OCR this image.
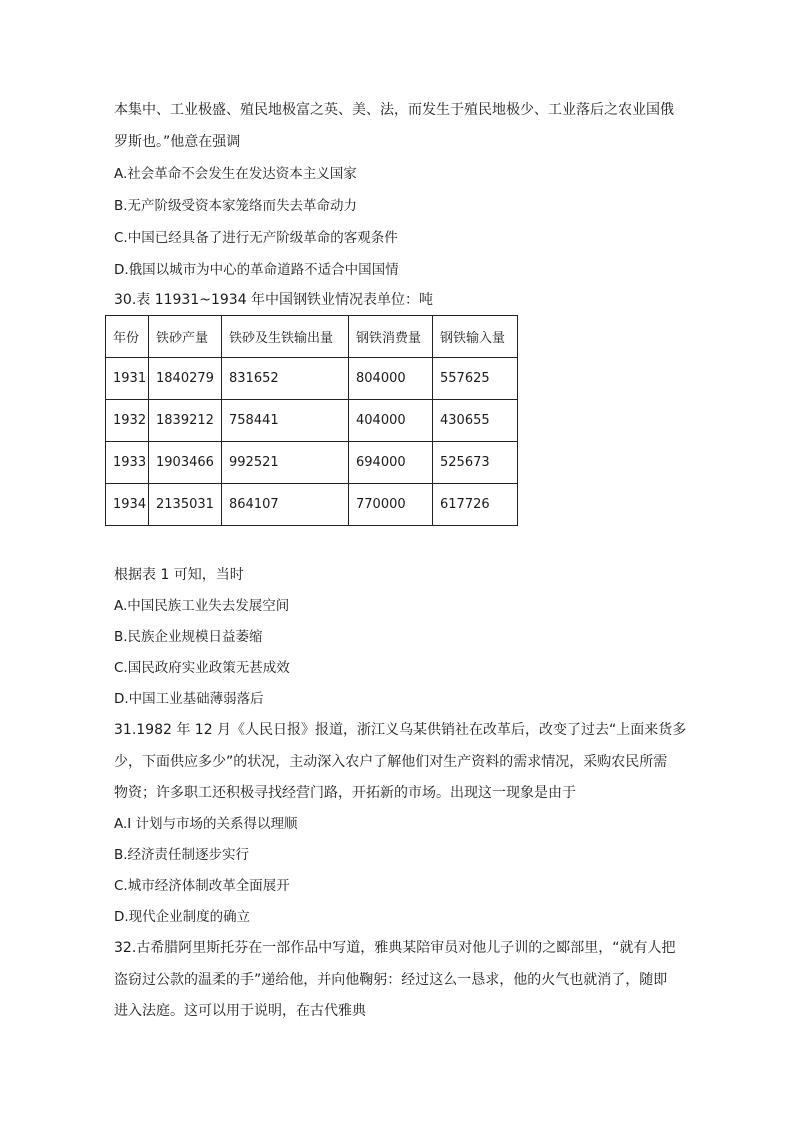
本集中、工业极盛、殖民地极富之英、美、法，而发生于殖民地极少、工业落后之农业国俄
罗斯也。”他意在强调
A.社会革命不会发生在发达资本主义国家
B.无产阶级受资本家笼络而失去革命动力
C.中国已经具备了进行无产阶级革命的客观条件
D.俄国以城市为中心的革命道路不适合中国国情
30.表 11931~1934 年中国钢铁业情况表单位：吨
年份	铁砂产量	铁砂及生铁输出量	钢铁消费量	钢铁输入量
1931	1840279	831652	804000	557625
1932	1839212	758441	404000	430655
1933	1903466	992521	694000	525673
1934	2135031	864107	770000	617726
根据表 1 可知，当时
A.中国民族工业失去发展空间
B.民族企业规模日益萎缩
C.国民政府实业政策无甚成效
D.中国工业基础薄弱落后
31.1982 年 12 月《人民日报》报道，浙江义乌某供销社在改革后，改变了过去“上面来货多
少，下面供应多少”的状况，主动深入农户了解他们对生产资料的需求情况，采购农民所需
物资；许多职工还积极寻找经营门路，开拓新的市场。出现这一现象是由于
A.I 计划与市场的关系得以理顺
B.经济责任制逐步实行
C.城市经济体制改革全面展开
D.现代企业制度的确立
32.古希腊阿里斯托芬在一部作品中写道，雅典某陪审员对他儿子训的之郾部里，“就有人把
盗窃过公款的温柔的手”递给他，并向他鞠躬：经过这么一恳求，他的火气也就消了，随即
进入法庭。这可以用于说明，在古代雅典
